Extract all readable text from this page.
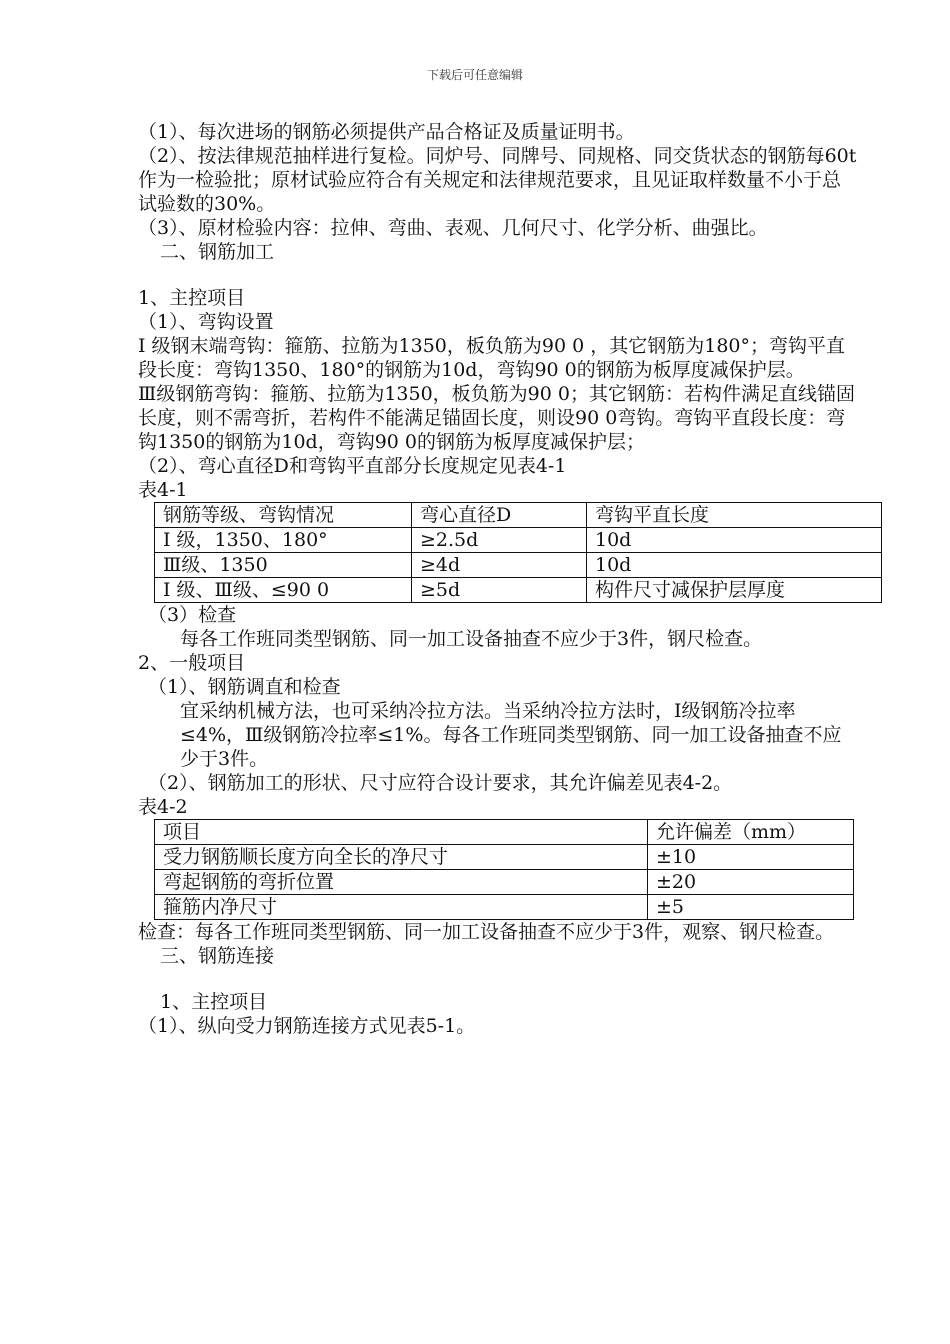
下载后可任意编辑

（1）、每次进场的钢筋必须提供产品合格证及质量证明书。

（2）、按法律规范抽样进行复检。同炉号、同牌号、同规格、同交货状态的钢筋每60t 作为一检验批；原材试验应符合有关规定和法律规范要求，且见证取样数量不小于总试验数的30%。

（3）、原材检验内容：拉伸、弯曲、表观、几何尺寸、化学分析、曲强比。

二、钢筋加工

1、主控项目

（1）、弯钩设置

Ⅰ 级钢末端弯钩：箍筋、拉筋为1350，板负筋为90 0 ，其它钢筋为180°；弯钩平直段长度：弯钩1350、180°的钢筋为10d，弯钩90 0的钢筋为板厚度减保护层。

Ⅲ级钢筋弯钩：箍筋、拉筋为1350，板负筋为90 0；其它钢筋：若构件满足直线锚固长度，则不需弯折，若构件不能满足锚固长度，则设90 0弯钩。弯钩平直段长度：弯钩1350的钢筋为10d，弯钩90 0的钢筋为板厚度减保护层；

（2）、弯心直径D和弯钩平直部分长度规定见表4-1

表4-1

钢筋等级、弯钩情况	弯心直径D	弯钩平直长度
Ⅰ 级，1350、180°	≥2.5d	10d
Ⅲ级、1350	≥4d	10d
Ⅰ 级、Ⅲ级、≤90 0	≥5d	构件尺寸减保护层厚度

（3）检查

每各工作班同类型钢筋、同一加工设备抽查不应少于3件，钢尺检查。

2、一般项目

（1）、钢筋调直和检查

宜采纳机械方法，也可采纳冷拉方法。当采纳冷拉方法时，Ⅰ级钢筋冷拉率≤4%，Ⅲ级钢筋冷拉率≤1%。每各工作班同类型钢筋、同一加工设备抽查不应少于3件。

（2）、钢筋加工的形状、尺寸应符合设计要求，其允许偏差见表4-2。

表4-2

项目	允许偏差（mm）
受力钢筋顺长度方向全长的净尺寸	±10
弯起钢筋的弯折位置	±20
箍筋内净尺寸	±5

检查：每各工作班同类型钢筋、同一加工设备抽查不应少于3件，观察、钢尺检查。

三、钢筋连接

1、主控项目

（1）、纵向受力钢筋连接方式见表5-1。
